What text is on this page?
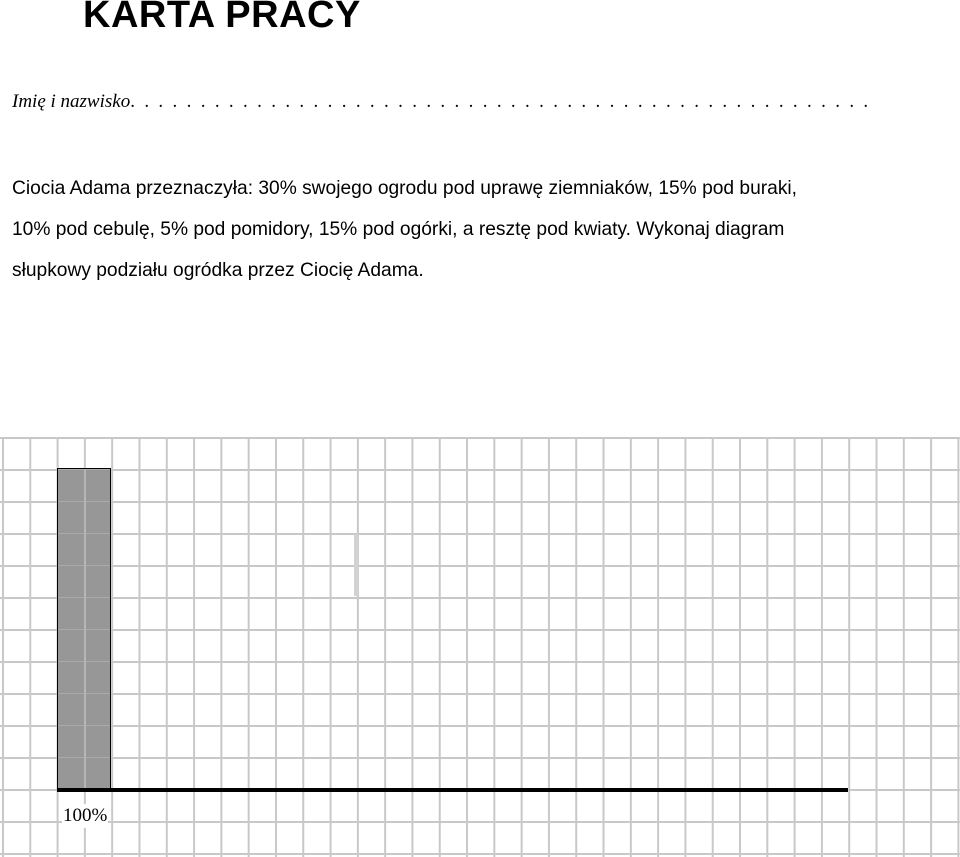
KARTA PRACY
Imię i nazwisko. . . . . . . . . . . . . . . . . . . . . . . . . . . . . . . . . . . . . . . . . . . . . . . . . . . . .

Ciocia Adama przeznaczyła: 30% swojego ogrodu pod uprawę ziemniaków, 15% pod buraki,
10% pod cebulę, 5% pod pomidory, 15% pod ogórki, a resztę pod kwiaty. Wykonaj diagram
słupkowy podziału ogródka przez Ciocię Adama.

100%
